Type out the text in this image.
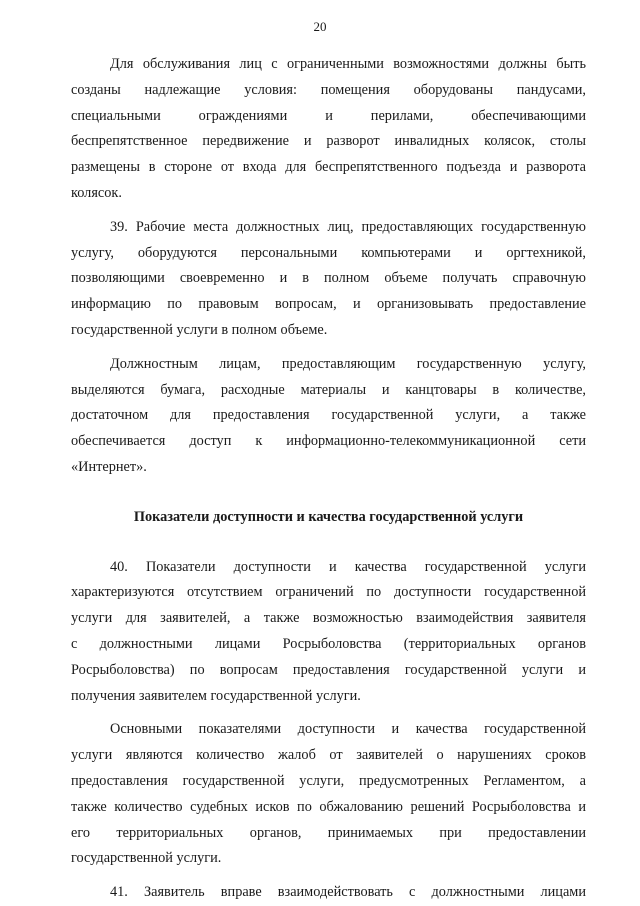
20
Для обслуживания лиц с ограниченными возможностями должны быть
созданы надлежащие условия: помещения оборудованы пандусами,
специальными ограждениями и перилами, обеспечивающими
беспрепятственное передвижение и разворот инвалидных колясок, столы
размещены в стороне от входа для беспрепятственного подъезда и разворота
колясок.
39. Рабочие места должностных лиц, предоставляющих государственную
услугу, оборудуются персональными компьютерами и оргтехникой,
позволяющими своевременно и в полном объеме получать справочную
информацию по правовым вопросам, и организовывать предоставление
государственной услуги в полном объеме.
Должностным лицам, предоставляющим государственную услугу,
выделяются бумага, расходные материалы и канцтовары в количестве,
достаточном для предоставления государственной услуги, а также
обеспечивается доступ к информационно-телекоммуникационной сети
«Интернет».
Показатели доступности и качества государственной услуги
40. Показатели доступности и качества государственной услуги
характеризуются отсутствием ограничений по доступности государственной
услуги для заявителей, а также возможностью взаимодействия заявителя
с должностными лицами Росрыболовства (территориальных органов
Росрыболовства) по вопросам предоставления государственной услуги и
получения заявителем государственной услуги.
Основными показателями доступности и качества государственной
услуги являются количество жалоб от заявителей о нарушениях сроков
предоставления государственной услуги, предусмотренных Регламентом, а
также количество судебных исков по обжалованию решений Росрыболовства и
его территориальных органов, принимаемых при предоставлении
государственной услуги.
41. Заявитель вправе взаимодействовать с должностными лицами
